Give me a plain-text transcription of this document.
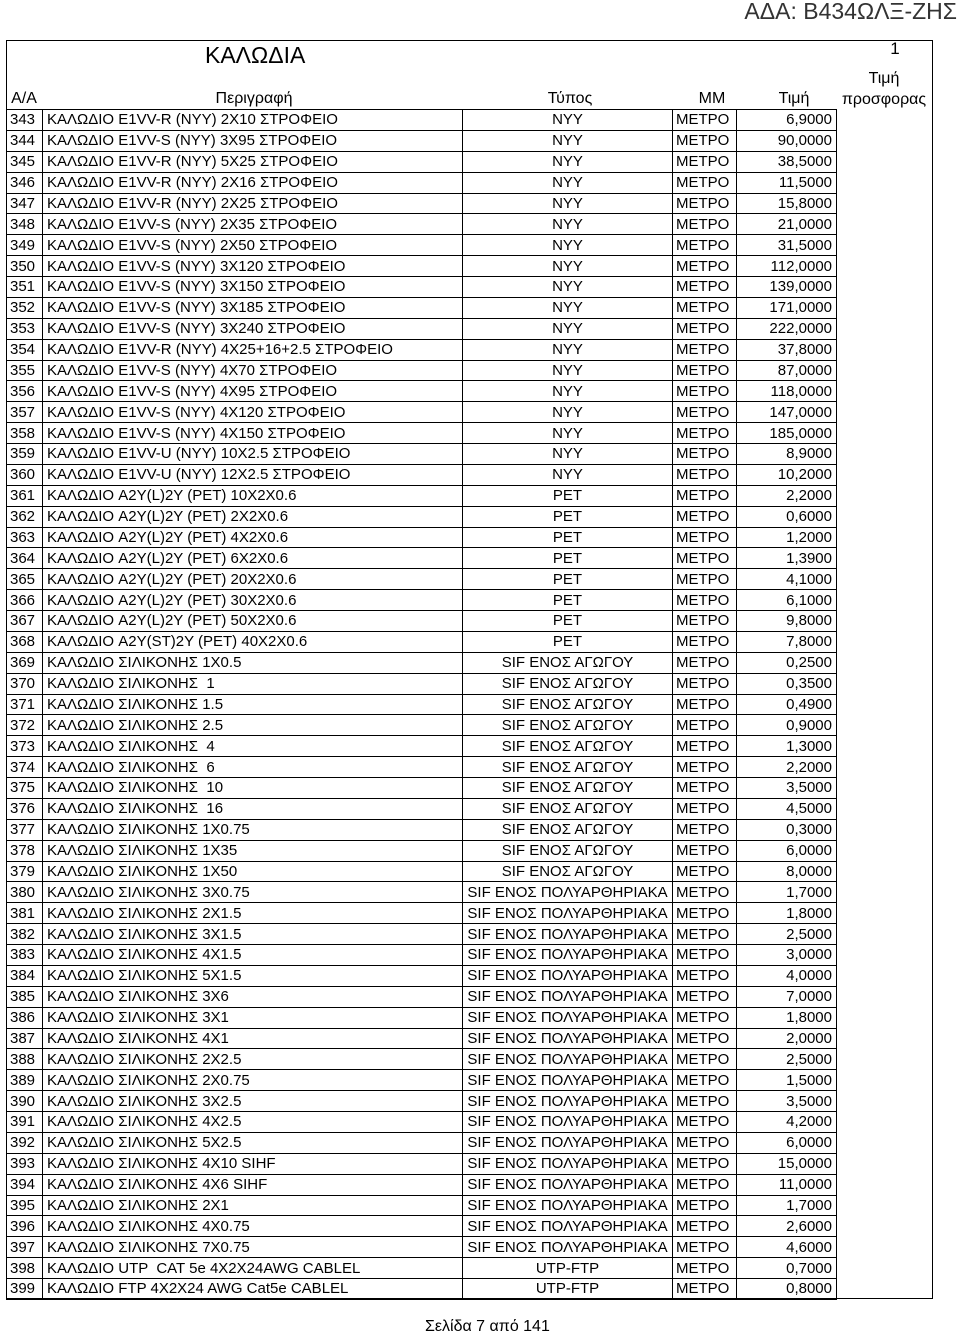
ΑΔΑ: Β434ΩΛΞ-ΖΗΣ
ΚΑΛΩΔΙΑ	1
Α/Α	Περιγραφή	Τύπος	ΜΜ	Τιμή
Τιμή προσφορας
343	ΚΑΛΩΔΙΟ E1VV-R (NYY) 2X10 ΣΤΡΟΦΕΙΟ	NYY	ΜΕΤΡΟ	6,9000
344	ΚΑΛΩΔΙΟ E1VV-S (NYY) 3X95 ΣΤΡΟΦΕΙΟ	NYY	ΜΕΤΡΟ	90,0000
345	ΚΑΛΩΔΙΟ E1VV-R (NYY) 5X25 ΣΤΡΟΦΕΙΟ	NYY	ΜΕΤΡΟ	38,5000
346	ΚΑΛΩΔΙΟ E1VV-R (NYY) 2X16 ΣΤΡΟΦΕΙΟ	NYY	ΜΕΤΡΟ	11,5000
347	ΚΑΛΩΔΙΟ E1VV-R (NYY) 2X25 ΣΤΡΟΦΕΙΟ	NYY	ΜΕΤΡΟ	15,8000
348	ΚΑΛΩΔΙΟ E1VV-S (NYY) 2X35 ΣΤΡΟΦΕΙΟ	NYY	ΜΕΤΡΟ	21,0000
349	ΚΑΛΩΔΙΟ E1VV-S (NYY) 2X50 ΣΤΡΟΦΕΙΟ	NYY	ΜΕΤΡΟ	31,5000
350	ΚΑΛΩΔΙΟ E1VV-S (NYY) 3X120 ΣΤΡΟΦΕΙΟ	NYY	ΜΕΤΡΟ	112,0000
351	ΚΑΛΩΔΙΟ E1VV-S (NYY) 3X150 ΣΤΡΟΦΕΙΟ	NYY	ΜΕΤΡΟ	139,0000
352	ΚΑΛΩΔΙΟ E1VV-S (NYY) 3X185 ΣΤΡΟΦΕΙΟ	NYY	ΜΕΤΡΟ	171,0000
353	ΚΑΛΩΔΙΟ E1VV-S (NYY) 3X240 ΣΤΡΟΦΕΙΟ	NYY	ΜΕΤΡΟ	222,0000
354	ΚΑΛΩΔΙΟ E1VV-R (NYY) 4X25+16+2.5 ΣΤΡΟΦΕΙΟ	NYY	ΜΕΤΡΟ	37,8000
355	ΚΑΛΩΔΙΟ E1VV-S (NYY) 4X70 ΣΤΡΟΦΕΙΟ	NYY	ΜΕΤΡΟ	87,0000
356	ΚΑΛΩΔΙΟ E1VV-S (NYY) 4X95 ΣΤΡΟΦΕΙΟ	NYY	ΜΕΤΡΟ	118,0000
357	ΚΑΛΩΔΙΟ E1VV-S (NYY) 4X120 ΣΤΡΟΦΕΙΟ	NYY	ΜΕΤΡΟ	147,0000
358	ΚΑΛΩΔΙΟ E1VV-S (NYY) 4X150 ΣΤΡΟΦΕΙΟ	NYY	ΜΕΤΡΟ	185,0000
359	ΚΑΛΩΔΙΟ E1VV-U (NYY) 10X2.5 ΣΤΡΟΦΕΙΟ	NYY	ΜΕΤΡΟ	8,9000
360	ΚΑΛΩΔΙΟ E1VV-U (NYY) 12X2.5 ΣΤΡΟΦΕΙΟ	NYY	ΜΕΤΡΟ	10,2000
361	ΚΑΛΩΔΙΟ A2Y(L)2Y (PET) 10X2X0.6	PET	ΜΕΤΡΟ	2,2000
362	ΚΑΛΩΔΙΟ A2Y(L)2Y (PET) 2X2X0.6	PET	ΜΕΤΡΟ	0,6000
363	ΚΑΛΩΔΙΟ A2Y(L)2Y (PET) 4X2X0.6	PET	ΜΕΤΡΟ	1,2000
364	ΚΑΛΩΔΙΟ A2Y(L)2Y (PET) 6X2X0.6	PET	ΜΕΤΡΟ	1,3900
365	ΚΑΛΩΔΙΟ A2Y(L)2Y (PET) 20X2X0.6	PET	ΜΕΤΡΟ	4,1000
366	ΚΑΛΩΔΙΟ A2Y(L)2Y (PET) 30X2X0.6	PET	ΜΕΤΡΟ	6,1000
367	ΚΑΛΩΔΙΟ A2Y(L)2Y (PET) 50X2X0.6	PET	ΜΕΤΡΟ	9,8000
368	ΚΑΛΩΔΙΟ A2Y(ST)2Y (PET) 40X2X0.6	PET	ΜΕΤΡΟ	7,8000
369	ΚΑΛΩΔΙΟ ΣΙΛΙΚΟΝΗΣ 1X0.5	SIF ΕΝΟΣ ΑΓΩΓΟΥ	ΜΕΤΡΟ	0,2500
370	ΚΑΛΩΔΙΟ ΣΙΛΙΚΟΝΗΣ  1	SIF ΕΝΟΣ ΑΓΩΓΟΥ	ΜΕΤΡΟ	0,3500
371	ΚΑΛΩΔΙΟ ΣΙΛΙΚΟΝΗΣ 1.5	SIF ΕΝΟΣ ΑΓΩΓΟΥ	ΜΕΤΡΟ	0,4900
372	ΚΑΛΩΔΙΟ ΣΙΛΙΚΟΝΗΣ 2.5	SIF ΕΝΟΣ ΑΓΩΓΟΥ	ΜΕΤΡΟ	0,9000
373	ΚΑΛΩΔΙΟ ΣΙΛΙΚΟΝΗΣ  4	SIF ΕΝΟΣ ΑΓΩΓΟΥ	ΜΕΤΡΟ	1,3000
374	ΚΑΛΩΔΙΟ ΣΙΛΙΚΟΝΗΣ  6	SIF ΕΝΟΣ ΑΓΩΓΟΥ	ΜΕΤΡΟ	2,2000
375	ΚΑΛΩΔΙΟ ΣΙΛΙΚΟΝΗΣ  10	SIF ΕΝΟΣ ΑΓΩΓΟΥ	ΜΕΤΡΟ	3,5000
376	ΚΑΛΩΔΙΟ ΣΙΛΙΚΟΝΗΣ  16	SIF ΕΝΟΣ ΑΓΩΓΟΥ	ΜΕΤΡΟ	4,5000
377	ΚΑΛΩΔΙΟ ΣΙΛΙΚΟΝΗΣ 1X0.75	SIF ΕΝΟΣ ΑΓΩΓΟΥ	ΜΕΤΡΟ	0,3000
378	ΚΑΛΩΔΙΟ ΣΙΛΙΚΟΝΗΣ 1X35	SIF ΕΝΟΣ ΑΓΩΓΟΥ	ΜΕΤΡΟ	6,0000
379	ΚΑΛΩΔΙΟ ΣΙΛΙΚΟΝΗΣ 1X50	SIF ΕΝΟΣ ΑΓΩΓΟΥ	ΜΕΤΡΟ	8,0000
380	ΚΑΛΩΔΙΟ ΣΙΛΙΚΟΝΗΣ 3X0.75	SIF ΕΝΟΣ ΠΟΛΥΑΡΘΗΡΙΑΚΑ	ΜΕΤΡΟ	1,7000
381	ΚΑΛΩΔΙΟ ΣΙΛΙΚΟΝΗΣ 2X1.5	SIF ΕΝΟΣ ΠΟΛΥΑΡΘΗΡΙΑΚΑ	ΜΕΤΡΟ	1,8000
382	ΚΑΛΩΔΙΟ ΣΙΛΙΚΟΝΗΣ 3X1.5	SIF ΕΝΟΣ ΠΟΛΥΑΡΘΗΡΙΑΚΑ	ΜΕΤΡΟ	2,5000
383	ΚΑΛΩΔΙΟ ΣΙΛΙΚΟΝΗΣ 4X1.5	SIF ΕΝΟΣ ΠΟΛΥΑΡΘΗΡΙΑΚΑ	ΜΕΤΡΟ	3,0000
384	ΚΑΛΩΔΙΟ ΣΙΛΙΚΟΝΗΣ 5X1.5	SIF ΕΝΟΣ ΠΟΛΥΑΡΘΗΡΙΑΚΑ	ΜΕΤΡΟ	4,0000
385	ΚΑΛΩΔΙΟ ΣΙΛΙΚΟΝΗΣ 3X6	SIF ΕΝΟΣ ΠΟΛΥΑΡΘΗΡΙΑΚΑ	ΜΕΤΡΟ	7,0000
386	ΚΑΛΩΔΙΟ ΣΙΛΙΚΟΝΗΣ 3X1	SIF ΕΝΟΣ ΠΟΛΥΑΡΘΗΡΙΑΚΑ	ΜΕΤΡΟ	1,8000
387	ΚΑΛΩΔΙΟ ΣΙΛΙΚΟΝΗΣ 4X1	SIF ΕΝΟΣ ΠΟΛΥΑΡΘΗΡΙΑΚΑ	ΜΕΤΡΟ	2,0000
388	ΚΑΛΩΔΙΟ ΣΙΛΙΚΟΝΗΣ 2X2.5	SIF ΕΝΟΣ ΠΟΛΥΑΡΘΗΡΙΑΚΑ	ΜΕΤΡΟ	2,5000
389	ΚΑΛΩΔΙΟ ΣΙΛΙΚΟΝΗΣ 2X0.75	SIF ΕΝΟΣ ΠΟΛΥΑΡΘΗΡΙΑΚΑ	ΜΕΤΡΟ	1,5000
390	ΚΑΛΩΔΙΟ ΣΙΛΙΚΟΝΗΣ 3X2.5	SIF ΕΝΟΣ ΠΟΛΥΑΡΘΗΡΙΑΚΑ	ΜΕΤΡΟ	3,5000
391	ΚΑΛΩΔΙΟ ΣΙΛΙΚΟΝΗΣ 4X2.5	SIF ΕΝΟΣ ΠΟΛΥΑΡΘΗΡΙΑΚΑ	ΜΕΤΡΟ	4,2000
392	ΚΑΛΩΔΙΟ ΣΙΛΙΚΟΝΗΣ 5X2.5	SIF ΕΝΟΣ ΠΟΛΥΑΡΘΗΡΙΑΚΑ	ΜΕΤΡΟ	6,0000
393	ΚΑΛΩΔΙΟ ΣΙΛΙΚΟΝΗΣ 4X10 SIHF	SIF ΕΝΟΣ ΠΟΛΥΑΡΘΗΡΙΑΚΑ	ΜΕΤΡΟ	15,0000
394	ΚΑΛΩΔΙΟ ΣΙΛΙΚΟΝΗΣ 4X6 SIHF	SIF ΕΝΟΣ ΠΟΛΥΑΡΘΗΡΙΑΚΑ	ΜΕΤΡΟ	11,0000
395	ΚΑΛΩΔΙΟ ΣΙΛΙΚΟΝΗΣ 2X1	SIF ΕΝΟΣ ΠΟΛΥΑΡΘΗΡΙΑΚΑ	ΜΕΤΡΟ	1,7000
396	ΚΑΛΩΔΙΟ ΣΙΛΙΚΟΝΗΣ 4X0.75	SIF ΕΝΟΣ ΠΟΛΥΑΡΘΗΡΙΑΚΑ	ΜΕΤΡΟ	2,6000
397	ΚΑΛΩΔΙΟ ΣΙΛΙΚΟΝΗΣ 7X0.75	SIF ΕΝΟΣ ΠΟΛΥΑΡΘΗΡΙΑΚΑ	ΜΕΤΡΟ	4,6000
398	ΚΑΛΩΔΙΟ UTP  CAT 5e 4X2X24AWG CABLEL	UTP-FTP	ΜΕΤΡΟ	0,7000
399	ΚΑΛΩΔΙΟ FTP 4X2X24 AWG Cat5e CABLEL	UTP-FTP	ΜΕΤΡΟ	0,8000
Σελίδα 7 από 141
